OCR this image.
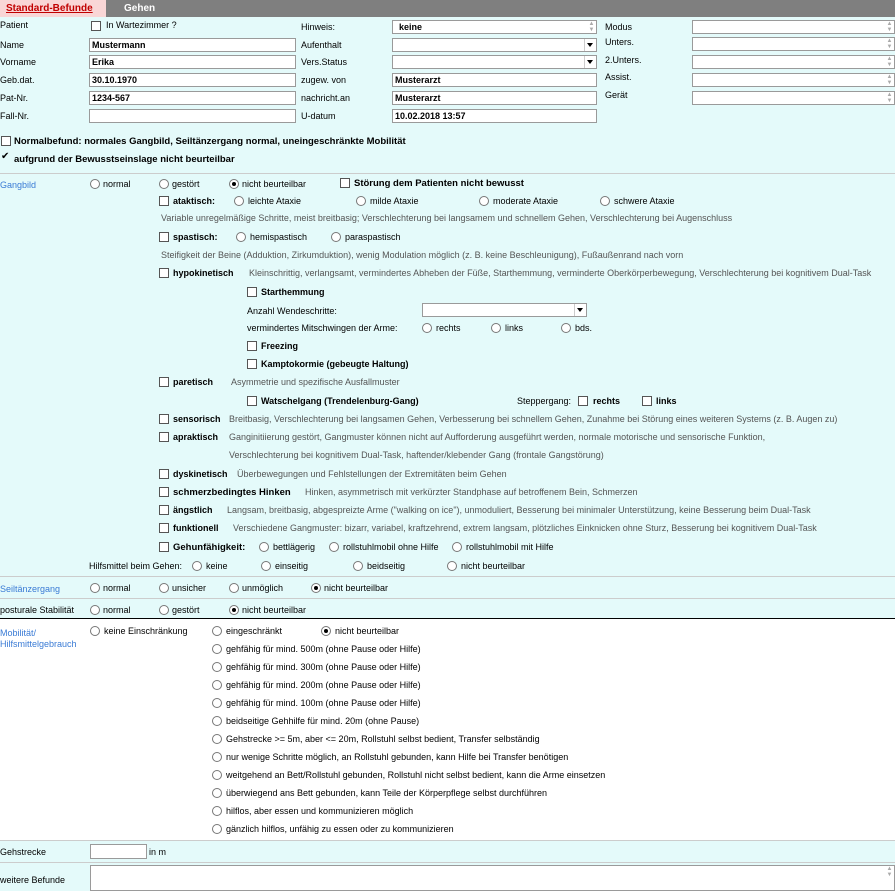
Standard-Befunde	Gehen
Patient	In Wartezimmer ?
Name	Mustermann
Vorname	Erika
Geb.dat.	30.10.1970
Pat-Nr.	1234-567
Fall-Nr.
Hinweis:	keine	▲
▼
Aufenthalt
Vers.Status
zugew. von	Musterarzt
nachricht.an	Musterarzt
U-datum	10.02.2018 13:57
Modus	▲
▼
Unters.	▲
▼
2.Unters.	▲
▼
Assist.	▲
▼
Gerät	▲
▼
Normalbefund: normales Gangbild, Seiltänzergang normal, uneingeschränkte Mobilität
✔
aufgrund der Bewusstseinslage nicht beurteilbar
Gangbild	normal	gestört	nicht beurteilbar	Störung dem Patienten nicht bewusst
ataktisch:	leichte Ataxie	milde Ataxie	moderate Ataxie	schwere Ataxie
Variable unregelmäßige Schritte, meist breitbasig; Verschlechterung bei langsamem und schnellem Gehen, Verschlechterung bei Augenschluss
spastisch:	hemispastisch	paraspastisch
Steifigkeit der Beine (Adduktion, Zirkumduktion), wenig Modulation möglich (z. B. keine Beschleunigung), Fußaußenrand nach vorn
hypokinetisch Kleinschrittig, verlangsamt, vermindertes Abheben der Füße, Starthemmung, verminderte Oberkörperbewegung, Verschlechterung bei kognitivem Dual-Task
Starthemmung
Anzahl Wendeschritte:
vermindertes Mitschwingen der Arme:	rechts	links	bds.
Freezing
Kamptokormie (gebeugte Haltung)
paretisch Asymmetrie und spezifische Ausfallmuster
Watschelgang (Trendelenburg-Gang)	Steppergang: rechts	links
sensorisch Breitbasig, Verschlechterung bei langsamen Gehen, Verbesserung bei schnellem Gehen, Zunahme bei Störung eines weiteren Systems (z. B. Augen zu)
apraktisch Ganginitiierung gestört, Gangmuster können nicht auf Aufforderung ausgeführt werden, normale motorische und sensorische Funktion,
Verschlechterung bei kognitivem Dual-Task, haftender/klebender Gang (frontale Gangstörung)
dyskinetisch Überbewegungen und Fehlstellungen der Extremitäten beim Gehen
schmerzbedingtes Hinken Hinken, asymmetrisch mit verkürzter Standphase auf betroffenem Bein, Schmerzen
ängstlich Langsam, breitbasig, abgespreizte Arme ("walking on ice"), unmoduliert, Besserung bei minimaler Unterstützung, keine Besserung beim Dual-Task
funktionell Verschiedene Gangmuster: bizarr, variabel, kraftzehrend, extrem langsam, plötzliches Einknicken ohne Sturz, Besserung bei kognitivem Dual-Task
Gehunfähigkeit:	bettlägerig	rollstuhlmobil ohne Hilfe	rollstuhlmobil mit Hilfe
Hilfsmittel beim Gehen:	keine	einseitig	beidseitig	nicht beurteilbar
Seiltänzergang	normal	unsicher	unmöglich	nicht beurteilbar
posturale Stabilität	normal	gestört	nicht beurteilbar
Mobilität/
Hilfsmittelgebrauch
keine Einschränkung	eingeschränkt	nicht beurteilbar
gehfähig für mind. 500m (ohne Pause oder Hilfe)
gehfähig für mind. 300m (ohne Pause oder Hilfe)
gehfähig für mind. 200m (ohne Pause oder Hilfe)
gehfähig für mind. 100m (ohne Pause oder Hilfe)
beidseitige Gehhilfe für mind. 20m (ohne Pause)
Gehstrecke >= 5m, aber <= 20m, Rollstuhl selbst bedient, Transfer selbständig
nur wenige Schritte möglich, an Rollstuhl gebunden, kann Hilfe bei Transfer benötigen
weitgehend an Bett/Rollstuhl gebunden, Rollstuhl nicht selbst bedient, kann die Arme einsetzen
überwiegend ans Bett gebunden, kann Teile der Körperpflege selbst durchführen
hilflos, aber essen und kommunizieren möglich
gänzlich hilflos, unfähig zu essen oder zu kommunizieren
Gehstrecke	in m
weitere Befunde
▲
▼
